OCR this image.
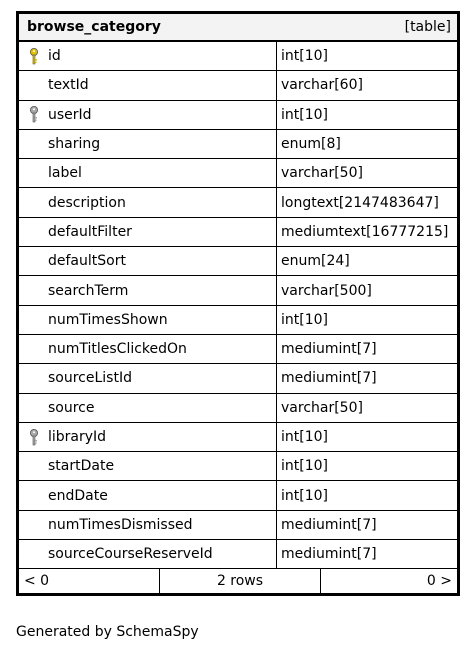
browse_category	[table]
id	int[10]
textId	varchar[60]
userId	int[10]
sharing	enum[8]
label	varchar[50]
description	longtext[2147483647]
defaultFilter	mediumtext[16777215]
defaultSort	enum[24]
searchTerm	varchar[500]
numTimesShown	int[10]
numTitlesClickedOn	mediumint[7]
sourceListId	mediumint[7]
source	varchar[50]
libraryId	int[10]
startDate	int[10]
endDate	int[10]
numTimesDismissed	mediumint[7]
sourceCourseReserveId	mediumint[7]
< 0	2 rows	0 >
Generated by SchemaSpy
